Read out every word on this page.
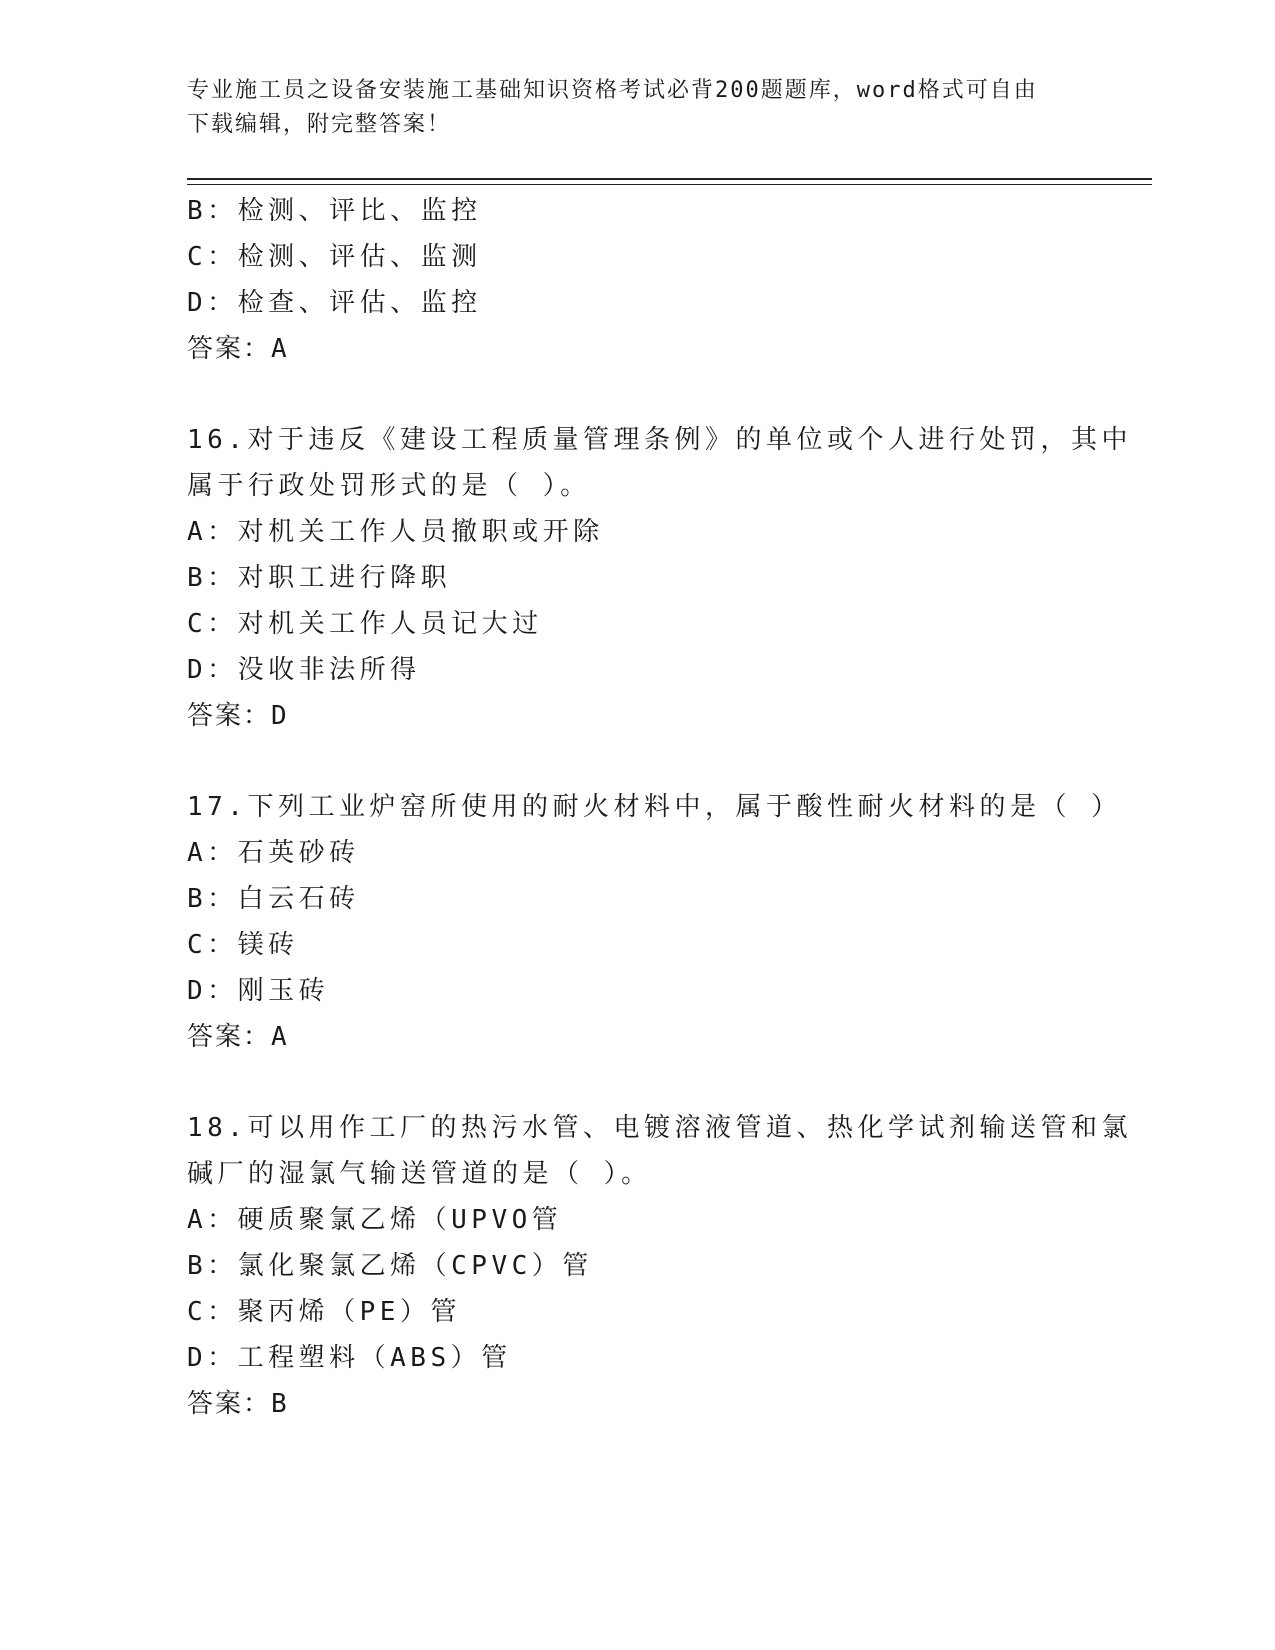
专业施工员之设备安装施工基础知识资格考试必背200题题库，word格式可自由
下载编辑，附完整答案！
B：检测、评比、监控
C：检测、评估、监测
D：检查、评估、监控
答案：A
16.对于违反《建设工程质量管理条例》的单位或个人进行处罚，其中
属于行政处罚形式的是（ ）。
A：对机关工作人员撤职或开除
B：对职工进行降职
C：对机关工作人员记大过
D：没收非法所得
答案：D
17.下列工业炉窑所使用的耐火材料中，属于酸性耐火材料的是（ ）
A：石英砂砖
B：白云石砖
C：镁砖
D：刚玉砖
答案：A
18.可以用作工厂的热污水管、电镀溶液管道、热化学试剂输送管和氯
碱厂的湿氯气输送管道的是（ ）。
A：硬质聚氯乙烯（UPVO管
B：氯化聚氯乙烯（CPVC）管
C：聚丙烯（PE）管
D：工程塑料（ABS）管
答案：B
